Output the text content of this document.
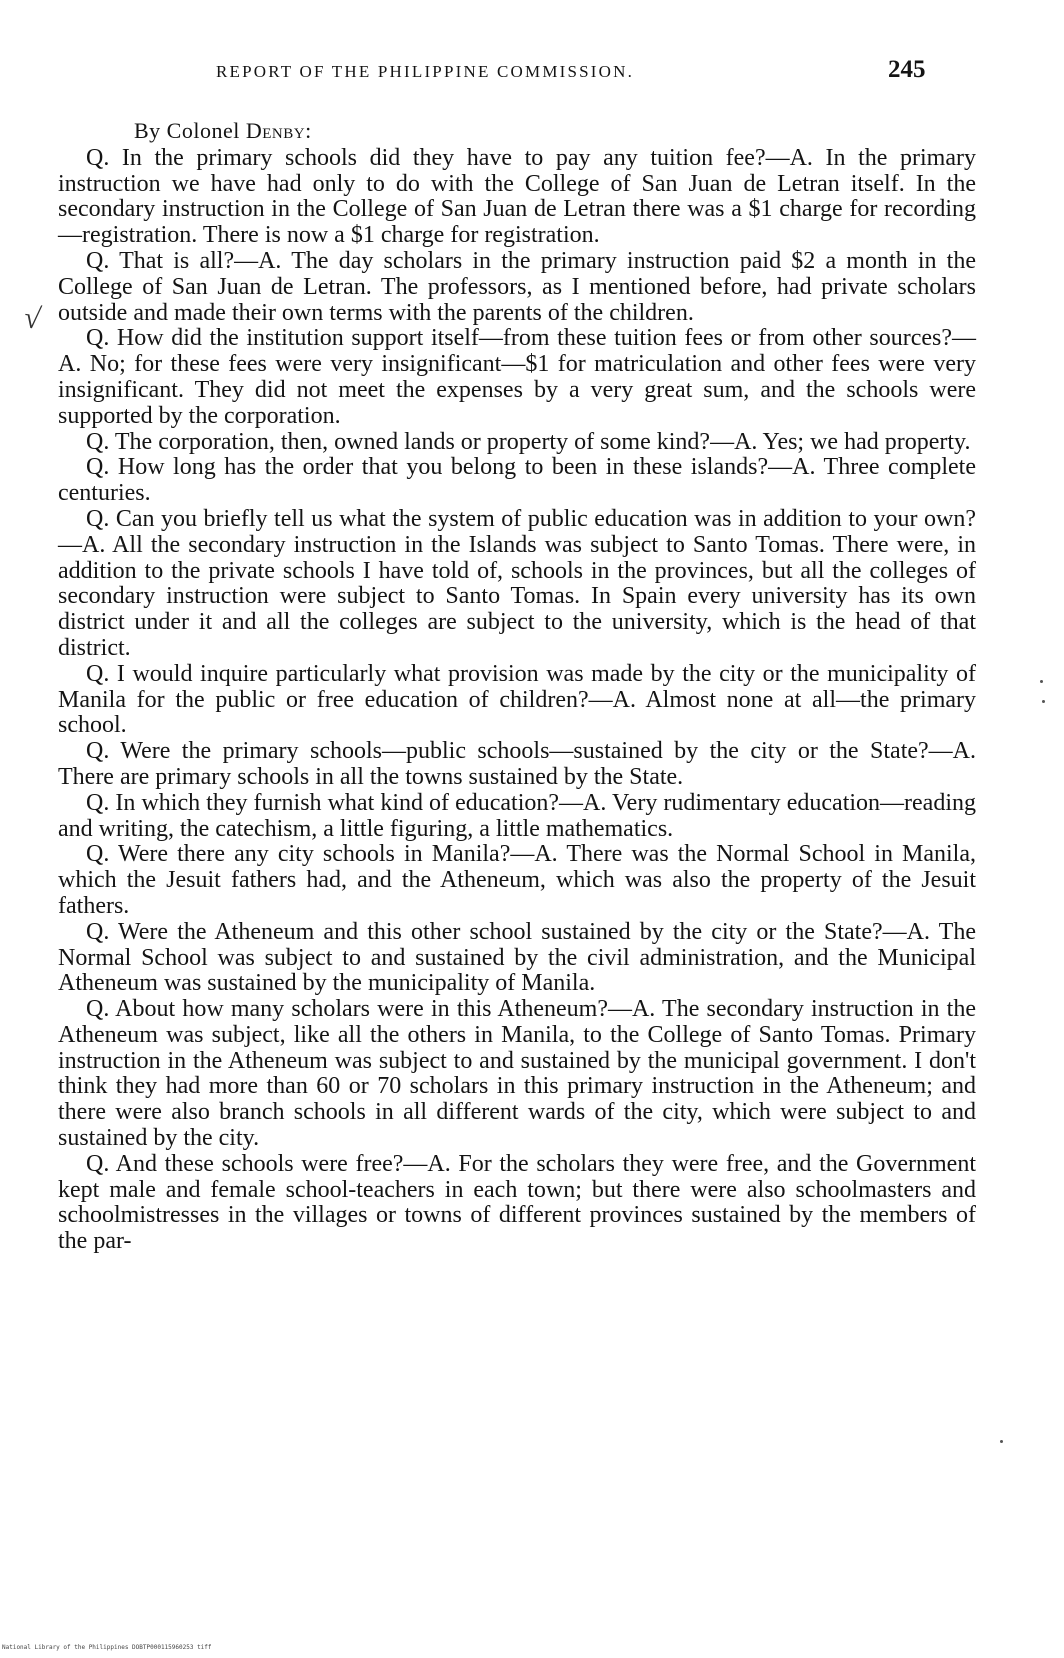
REPORT OF THE PHILIPPINE COMMISSION.	245
√

By Colonel Denby:

Q. In the primary schools did they have to pay any tuition fee?—A. In the primary instruction we have had only to do with the College of San Juan de Letran itself. In the secondary instruction in the College of San Juan de Letran there was a $1 charge for recording—registration. There is now a $1 charge for registration.

Q. That is all?—A. The day scholars in the primary instruction paid $2 a month in the College of San Juan de Letran. The professors, as I mentioned before, had private scholars outside and made their own terms with the parents of the children.

Q. How did the institution support itself—from these tuition fees or from other sources?—A. No; for these fees were very insignificant—$1 for matriculation and other fees were very insignificant. They did not meet the expenses by a very great sum, and the schools were supported by the corporation.

Q. The corporation, then, owned lands or property of some kind?—A. Yes; we had property.

Q. How long has the order that you belong to been in these islands?—A. Three complete centuries.

Q. Can you briefly tell us what the system of public education was in addition to your own?—A. All the secondary instruction in the Islands was subject to Santo Tomas. There were, in addition to the private schools I have told of, schools in the provinces, but all the colleges of secondary instruction were subject to Santo Tomas. In Spain every university has its own district under it and all the colleges are subject to the university, which is the head of that district.

Q. I would inquire particularly what provision was made by the city or the municipality of Manila for the public or free education of children?—A. Almost none at all—the primary school.

Q. Were the primary schools—public schools—sustained by the city or the State?—A. There are primary schools in all the towns sustained by the State.

Q. In which they furnish what kind of education?—A. Very rudimentary education—reading and writing, the catechism, a little figuring, a little mathematics.

Q. Were there any city schools in Manila?—A. There was the Normal School in Manila, which the Jesuit fathers had, and the Atheneum, which was also the property of the Jesuit fathers.

Q. Were the Atheneum and this other school sustained by the city or the State?—A. The Normal School was subject to and sustained by the civil administration, and the Municipal Atheneum was sustained by the municipality of Manila.

Q. About how many scholars were in this Atheneum?—A. The secondary instruction in the Atheneum was subject, like all the others in Manila, to the College of Santo Tomas. Primary instruction in the Atheneum was subject to and sustained by the municipal government. I don't think they had more than 60 or 70 scholars in this primary instruction in the Atheneum; and there were also branch schools in all different wards of the city, which were subject to and sustained by the city.

Q. And these schools were free?—A. For the scholars they were free, and the Government kept male and female school-teachers in each town; but there were also schoolmasters and schoolmistresses in the villages or towns of different provinces sustained by the members of the par-

National Library of the Philippines DOBTP000115960253 tiff
